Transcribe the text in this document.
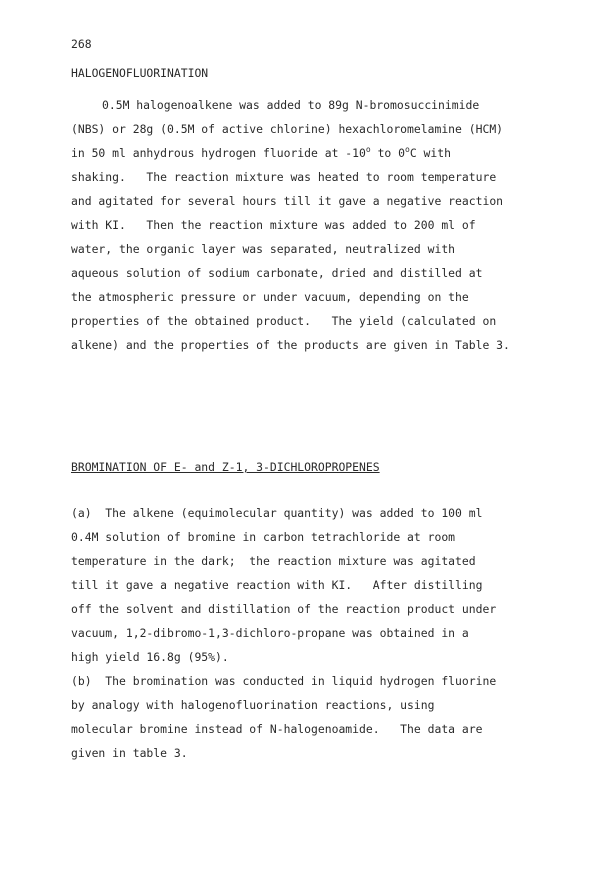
268
HALOGENOFLUORINATION
0.5M halogenoalkene was added to 89g N-bromosuccinimide
(NBS) or 28g (0.5M of active chlorine) hexachloromelamine (HCM)
in 50 ml anhydrous hydrogen fluoride at -10$^o$ to 0$^o$C with
shaking.   The reaction mixture was heated to room temperature
and agitated for several hours till it gave a negative reaction
with KI.   Then the reaction mixture was added to 200 ml of
water, the organic layer was separated, neutralized with
aqueous solution of sodium carbonate, dried and distilled at
the atmospheric pressure or under vacuum, depending on the
properties of the obtained product.   The yield (calculated on
alkene) and the properties of the products are given in Table 3.
BROMINATION OF E- and Z-1, 3-DICHLOROPROPENES
(a)  The alkene (equimolecular quantity) was added to 100 ml
0.4M solution of bromine in carbon tetrachloride at room
temperature in the dark;  the reaction mixture was agitated
till it gave a negative reaction with KI.   After distilling
off the solvent and distillation of the reaction product under
vacuum, 1,2-dibromo-1,3-dichloro-propane was obtained in a
high yield 16.8g (95%).
(b)  The bromination was conducted in liquid hydrogen fluorine
by analogy with halogenofluorination reactions, using
molecular bromine instead of N-halogenoamide.   The data are
given in table 3.
